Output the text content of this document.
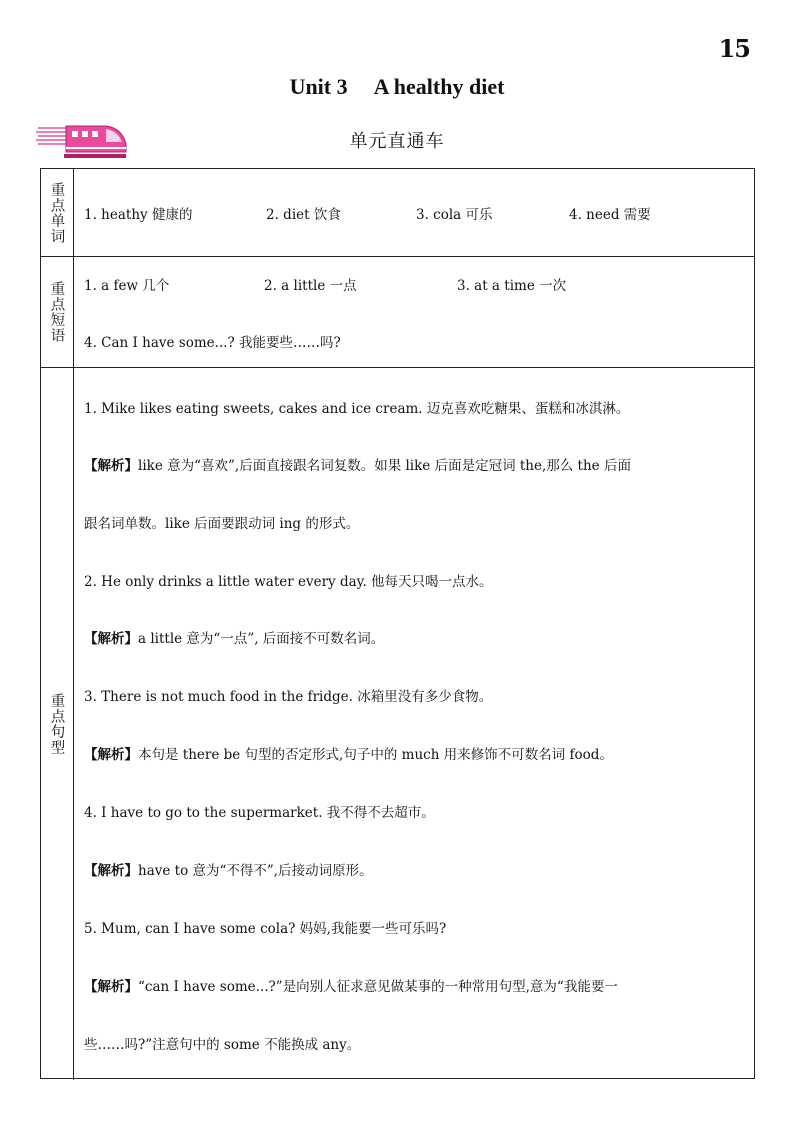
15
Unit 3 A healthy diet
单元直通车
重点单词 1. heathy 健康的	2. diet 饮食	3. cola 可乐	4. need 需要
重点短语 1. a few 几个	2. a little 一点	3. at a time 一次
4. Can I have some...? 我能要些……吗?
重点句型
1. Mike likes eating sweets, cakes and ice cream. 迈克喜欢吃糖果、蛋糕和冰淇淋。
【解析】like 意为“喜欢”,后面直接跟名词复数。如果 like 后面是定冠词 the,那么 the 后面
跟名词单数。like 后面要跟动词 ing 的形式。
2. He only drinks a little water every day. 他每天只喝一点水。
【解析】a little 意为“一点”, 后面接不可数名词。
3. There is not much food in the fridge. 冰箱里没有多少食物。
【解析】本句是 there be 句型的否定形式,句子中的 much 用来修饰不可数名词 food。
4. I have to go to the supermarket. 我不得不去超市。
【解析】have to 意为“不得不”,后接动词原形。
5. Mum, can I have some cola? 妈妈,我能要一些可乐吗?
【解析】“can I have some...?”是向别人征求意见做某事的一种常用句型,意为“我能要一
些……吗?”注意句中的 some 不能换成 any。
